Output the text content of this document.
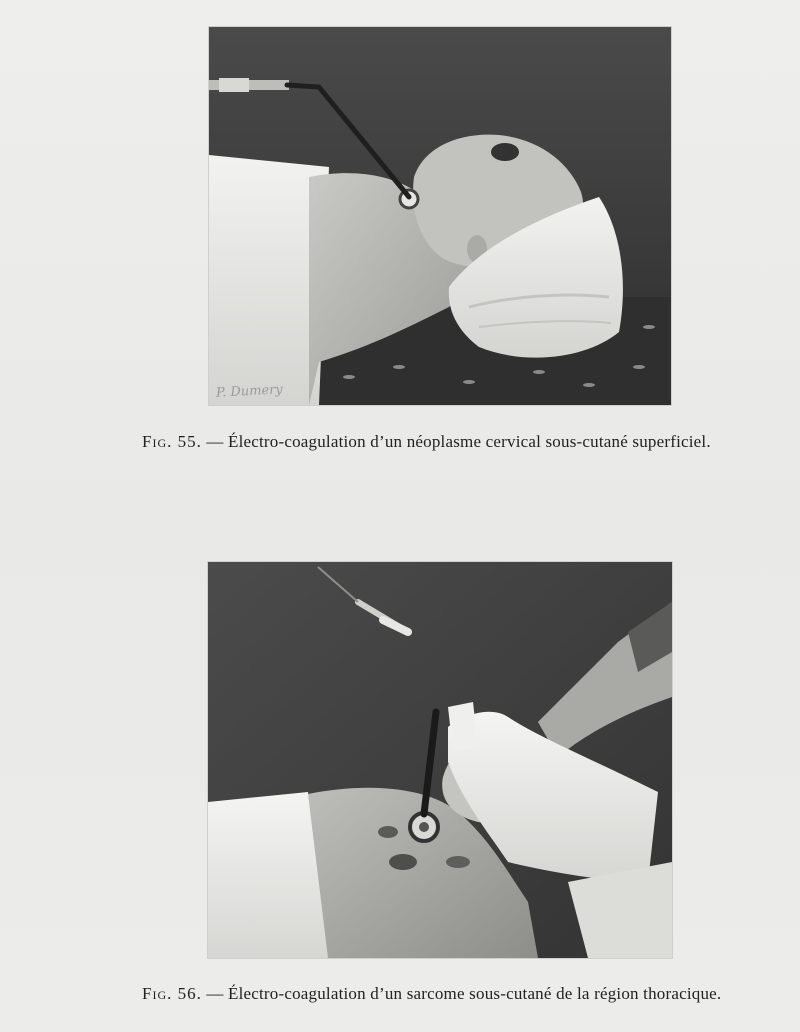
P. Dumery
Fig. 55. — Électro-coagulation d’un néoplasme cervical sous-cutané superficiel.
Fig. 56. — Électro-coagulation d’un sarcome sous-cutané de la région thoracique.
